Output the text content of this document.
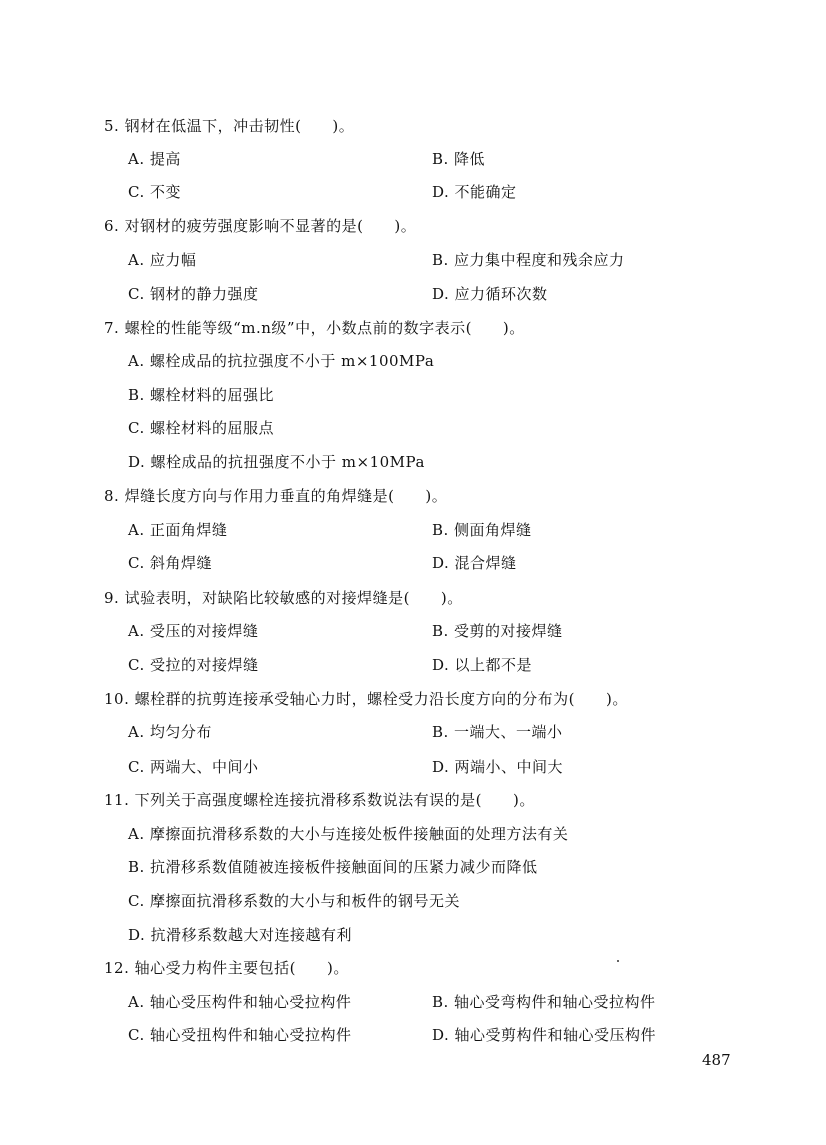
5. 钢材在低温下，冲击韧性(　　)。
A. 提高	B. 降低
C. 不变	D. 不能确定
6. 对钢材的疲劳强度影响不显著的是(　　)。
A. 应力幅	B. 应力集中程度和残余应力
C. 钢材的静力强度	D. 应力循环次数
7. 螺栓的性能等级“m.n级”中，小数点前的数字表示(　　)。
A. 螺栓成品的抗拉强度不小于 m×100MPa
B. 螺栓材料的屈强比
C. 螺栓材料的屈服点
D. 螺栓成品的抗扭强度不小于 m×10MPa
8. 焊缝长度方向与作用力垂直的角焊缝是(　　)。
A. 正面角焊缝	B. 侧面角焊缝
C. 斜角焊缝	D. 混合焊缝
9. 试验表明，对缺陷比较敏感的对接焊缝是(　　)。
A. 受压的对接焊缝	B. 受剪的对接焊缝
C. 受拉的对接焊缝	D. 以上都不是
10. 螺栓群的抗剪连接承受轴心力时，螺栓受力沿长度方向的分布为(　　)。
A. 均匀分布	B. 一端大、一端小
C. 两端大、中间小	D. 两端小、中间大
11. 下列关于高强度螺栓连接抗滑移系数说法有误的是(　　)。
A. 摩擦面抗滑移系数的大小与连接处板件接触面的处理方法有关
B. 抗滑移系数值随被连接板件接触面间的压紧力减少而降低
C. 摩擦面抗滑移系数的大小与和板件的钢号无关
D. 抗滑移系数越大对连接越有利
12. 轴心受力构件主要包括(　　)。
A. 轴心受压构件和轴心受拉构件	B. 轴心受弯构件和轴心受拉构件
C. 轴心受扭构件和轴心受拉构件	D. 轴心受剪构件和轴心受压构件
487
